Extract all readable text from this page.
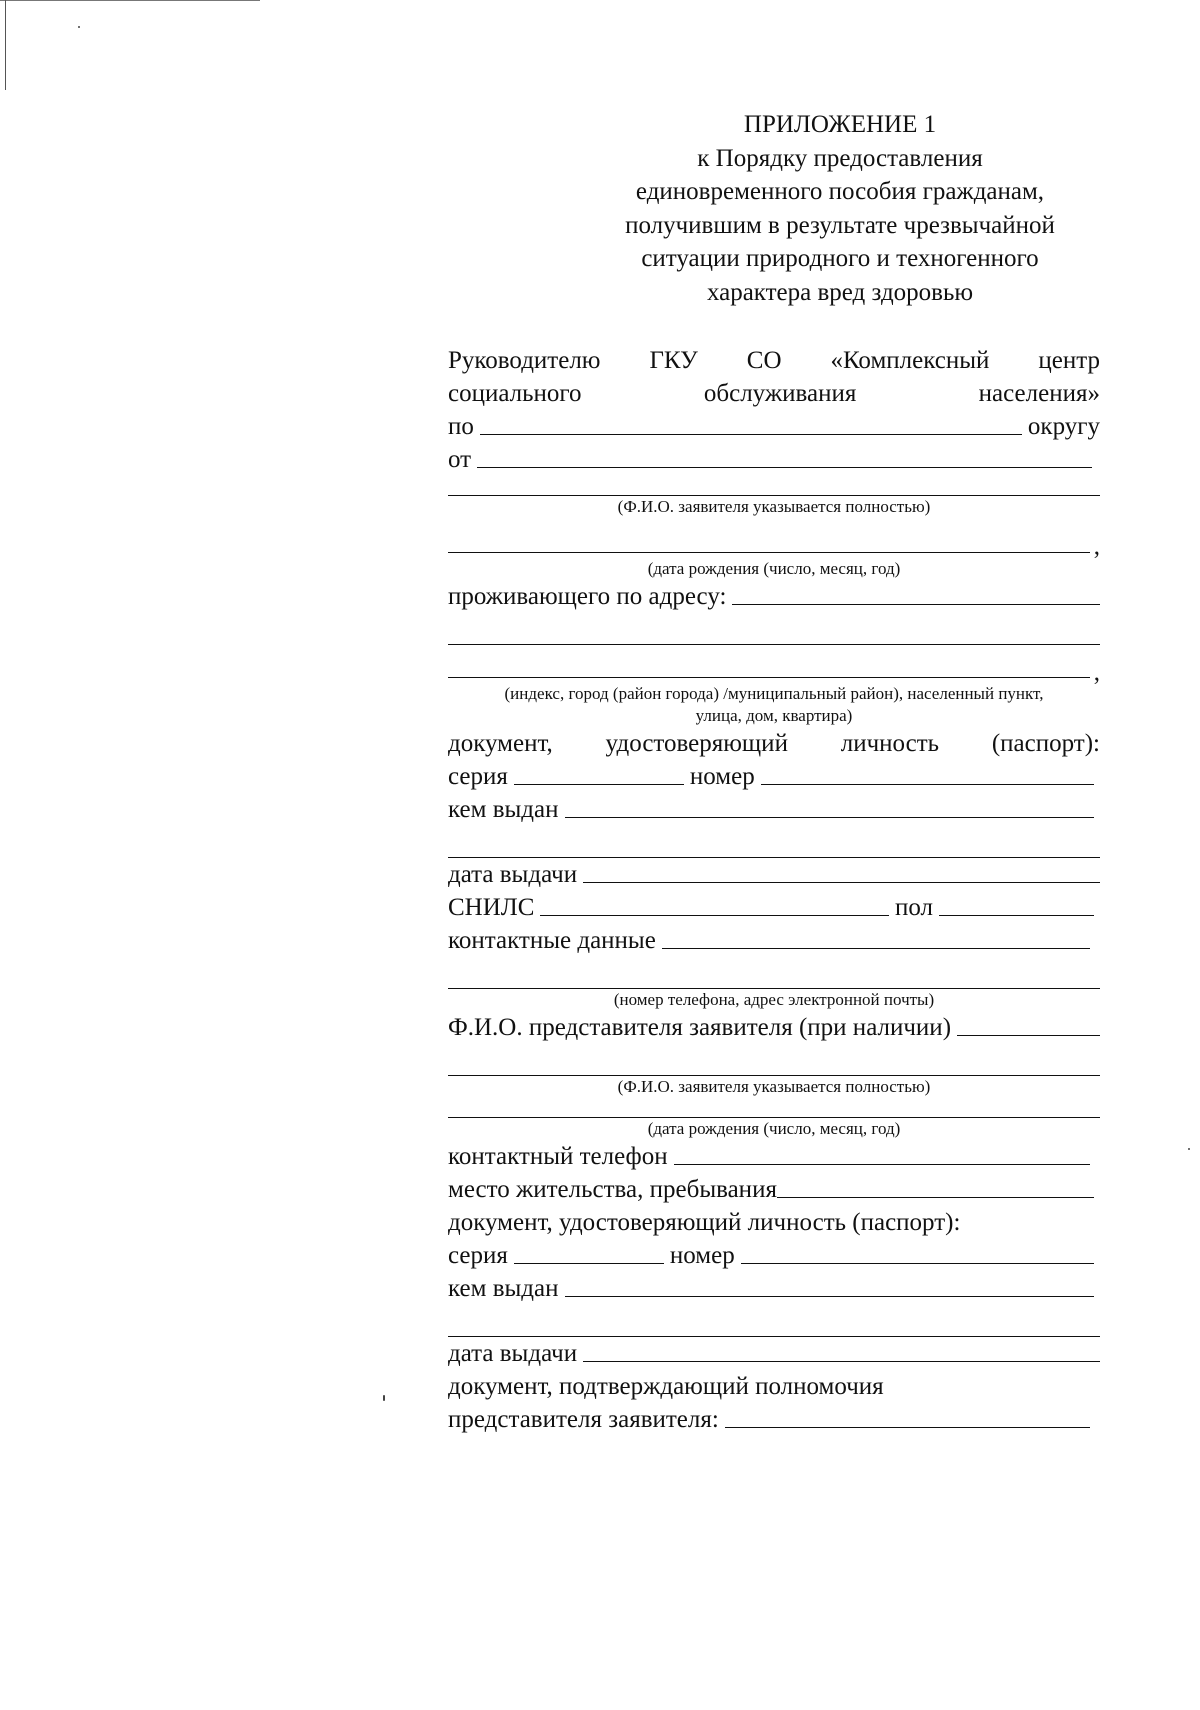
ПРИЛОЖЕНИЕ 1
к Порядку предоставления
единовременного пособия гражданам,
получившим в результате чрезвычайной
ситуации природного и техногенного
характера вред здоровью
Руководителю ГКУ СО «Комплексный центр
социального	обслуживания	населения»
по	округу
от
(Ф.И.О. заявителя указывается полностью)
,
(дата рождения (число, месяц, год)
проживающего по адресу:
,
(индекс, город (район города) /муниципальный район), населенный пункт,
улица, дом, квартира)
документ, удостоверяющий личность (паспорт):
серия	номер
кем выдан
дата выдачи
СНИЛС	пол
контактные данные
(номер телефона, адрес электронной почты)
Ф.И.О. представителя заявителя (при наличии)
(Ф.И.О. заявителя указывается полностью)
(дата рождения (число, месяц, год)
контактный телефон
место жительства, пребывания
документ, удостоверяющий личность (паспорт):
серия	номер
кем выдан
дата выдачи
документ, подтверждающий полномочия
представителя заявителя:
